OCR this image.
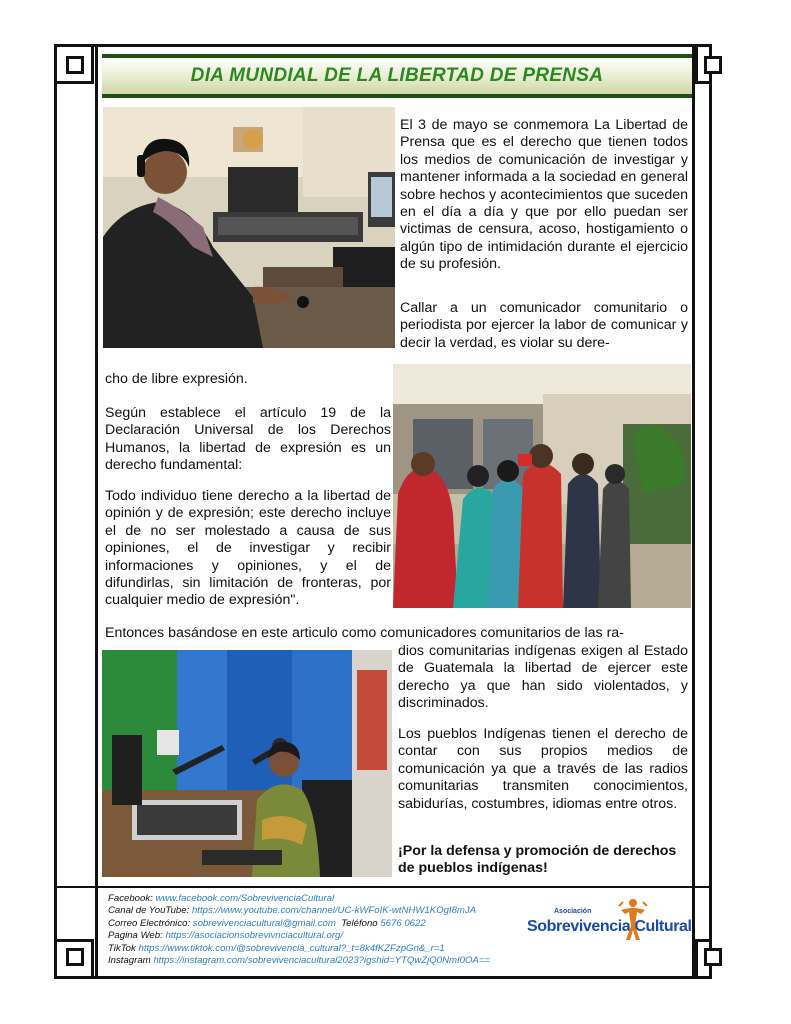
DIA MUNDIAL DE LA LIBERTAD DE PRENSA

El 3 de mayo se conmemora La Libertad de Prensa que es el derecho que tienen todos los medios de comunicación de investigar y mantener informada a la sociedad en general sobre hechos y acontecimientos que suceden en el día a día y que por ello puedan ser victimas de censura, acoso, hostigamiento o algún tipo de intimidación durante el ejercicio de su profesión.

Callar a un comunicador comunitario o periodista por ejercer la labor de comunicar y decir la verdad, es violar su dere-

cho de libre expresión.

Según establece el artículo 19 de la Declaración Universal de los Derechos Humanos, la libertad de expresión es un derecho fundamental:

Todo individuo tiene derecho a la libertad de opinión y de expresión; este derecho incluye el de no ser molestado a causa de sus opiniones, el de investigar y recibir informaciones y opiniones, y el de difundirlas, sin limitación de fronteras, por cualquier medio de expresión".

Entonces basándose en este articulo como comunicadores comunitarios de las ra-

dios comunitarias indígenas exigen al Estado de Guatemala la libertad de ejercer este derecho ya que han sido violentados, y discriminados.

Los pueblos Indígenas tienen el derecho de contar con sus propios medios de comunicación ya que a través de las radios comunitarias transmiten conocimientos, sabidurías, costumbres, idiomas entre otros.

¡Por la defensa y promoción de derechos de pueblos indígenas!

Facebook: www.facebook.com/SobrevivenciaCultural
Canal de YouTube: https://www.youtube.com/channel/UC-kWFoIK-wtNHW1KOgI8mJA
Correo Electrónico: sobrevivenciacultural@gmail.com Teléfono 5676 0622
Pagina Web: https://asociacionsobrevivnciacultural.org/
TikTok https://www.tiktok.com/@sobrevivencia_cultural?_t=8k4fKZFzpGn&_r=1
Instagram https://instagram.com/sobrevivenciacultural2023?igshid=YTQwZjQ0NmI0OA==
Asociación
Sobrevivencia Cultural
